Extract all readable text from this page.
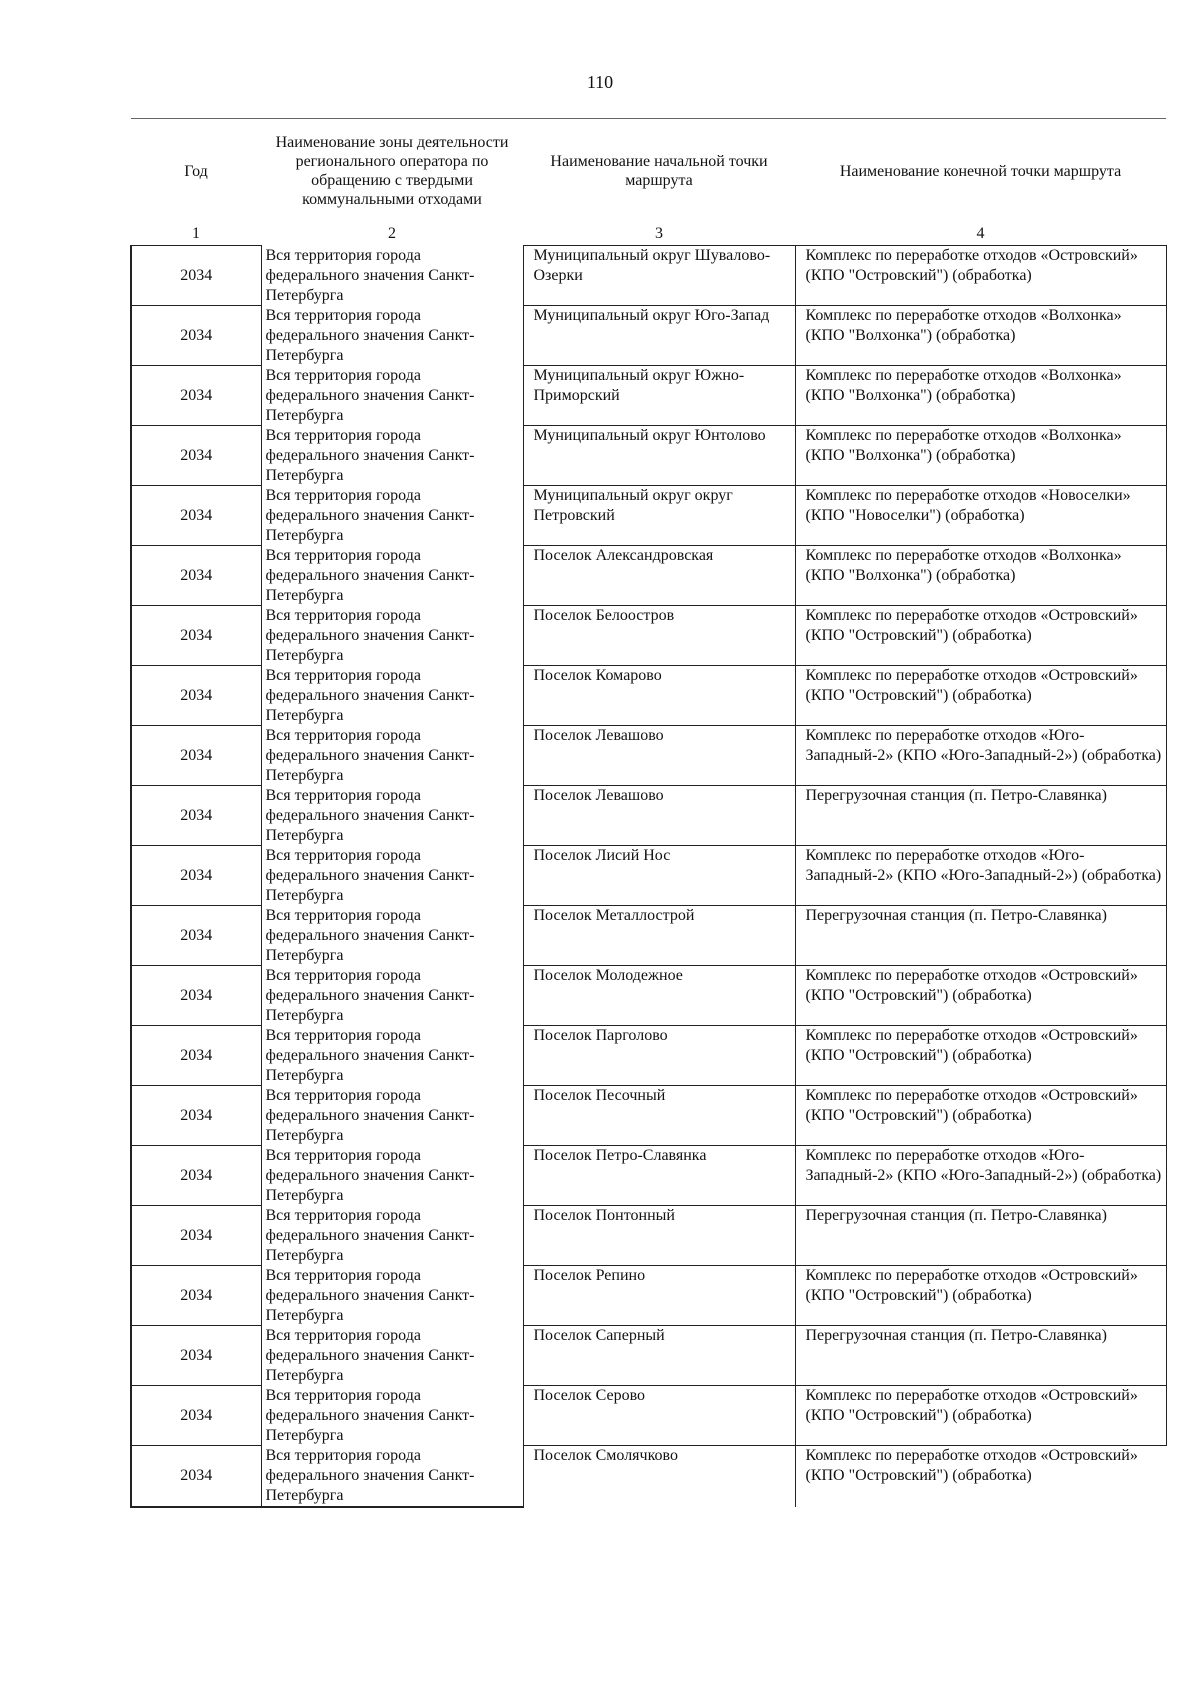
110
Год	Наименование зоны деятельности регионального оператора по обращению с твердыми коммунальными отходами	Наименование начальной точки маршрута	Наименование конечной точки маршрута
1	2	3	4
2034	Вся территория города федерального значения Санкт-Петербурга	Муниципальный округ Шувалово-Озерки	Комплекс по переработке отходов «Островский» (КПО "Островский") (обработка)
2034	Вся территория города федерального значения Санкт-Петербурга	Муниципальный округ Юго-Запад	Комплекс по переработке отходов «Волхонка» (КПО "Волхонка") (обработка)
2034	Вся территория города федерального значения Санкт-Петербурга	Муниципальный округ Южно-Приморский	Комплекс по переработке отходов «Волхонка» (КПО "Волхонка") (обработка)
2034	Вся территория города федерального значения Санкт-Петербурга	Муниципальный округ Юнтолово	Комплекс по переработке отходов «Волхонка» (КПО "Волхонка") (обработка)
2034	Вся территория города федерального значения Санкт-Петербурга	Муниципальный округ округ Петровский	Комплекс по переработке отходов «Новоселки» (КПО "Новоселки") (обработка)
2034	Вся территория города федерального значения Санкт-Петербурга	Поселок Александровская	Комплекс по переработке отходов «Волхонка» (КПО "Волхонка") (обработка)
2034	Вся территория города федерального значения Санкт-Петербурга	Поселок Белоостров	Комплекс по переработке отходов «Островский» (КПО "Островский") (обработка)
2034	Вся территория города федерального значения Санкт-Петербурга	Поселок Комарово	Комплекс по переработке отходов «Островский» (КПО "Островский") (обработка)
2034	Вся территория города федерального значения Санкт-Петербурга	Поселок Левашово	Комплекс по переработке отходов «Юго-Западный-2» (КПО «Юго-Западный-2») (обработка)
2034	Вся территория города федерального значения Санкт-Петербурга	Поселок Левашово	Перегрузочная станция (п. Петро-Славянка)
2034	Вся территория города федерального значения Санкт-Петербурга	Поселок Лисий Нос	Комплекс по переработке отходов «Юго-Западный-2» (КПО «Юго-Западный-2») (обработка)
2034	Вся территория города федерального значения Санкт-Петербурга	Поселок Металлострой	Перегрузочная станция (п. Петро-Славянка)
2034	Вся территория города федерального значения Санкт-Петербурга	Поселок Молодежное	Комплекс по переработке отходов «Островский» (КПО "Островский") (обработка)
2034	Вся территория города федерального значения Санкт-Петербурга	Поселок Парголово	Комплекс по переработке отходов «Островский» (КПО "Островский") (обработка)
2034	Вся территория города федерального значения Санкт-Петербурга	Поселок Песочный	Комплекс по переработке отходов «Островский» (КПО "Островский") (обработка)
2034	Вся территория города федерального значения Санкт-Петербурга	Поселок Петро-Славянка	Комплекс по переработке отходов «Юго-Западный-2» (КПО «Юго-Западный-2») (обработка)
2034	Вся территория города федерального значения Санкт-Петербурга	Поселок Понтонный	Перегрузочная станция (п. Петро-Славянка)
2034	Вся территория города федерального значения Санкт-Петербурга	Поселок Репино	Комплекс по переработке отходов «Островский» (КПО "Островский") (обработка)
2034	Вся территория города федерального значения Санкт-Петербурга	Поселок Саперный	Перегрузочная станция (п. Петро-Славянка)
2034	Вся территория города федерального значения Санкт-Петербурга	Поселок Серово	Комплекс по переработке отходов «Островский» (КПО "Островский") (обработка)
2034	Вся территория города федерального значения Санкт-Петербурга	Поселок Смолячково	Комплекс по переработке отходов «Островский» (КПО "Островский") (обработка)
